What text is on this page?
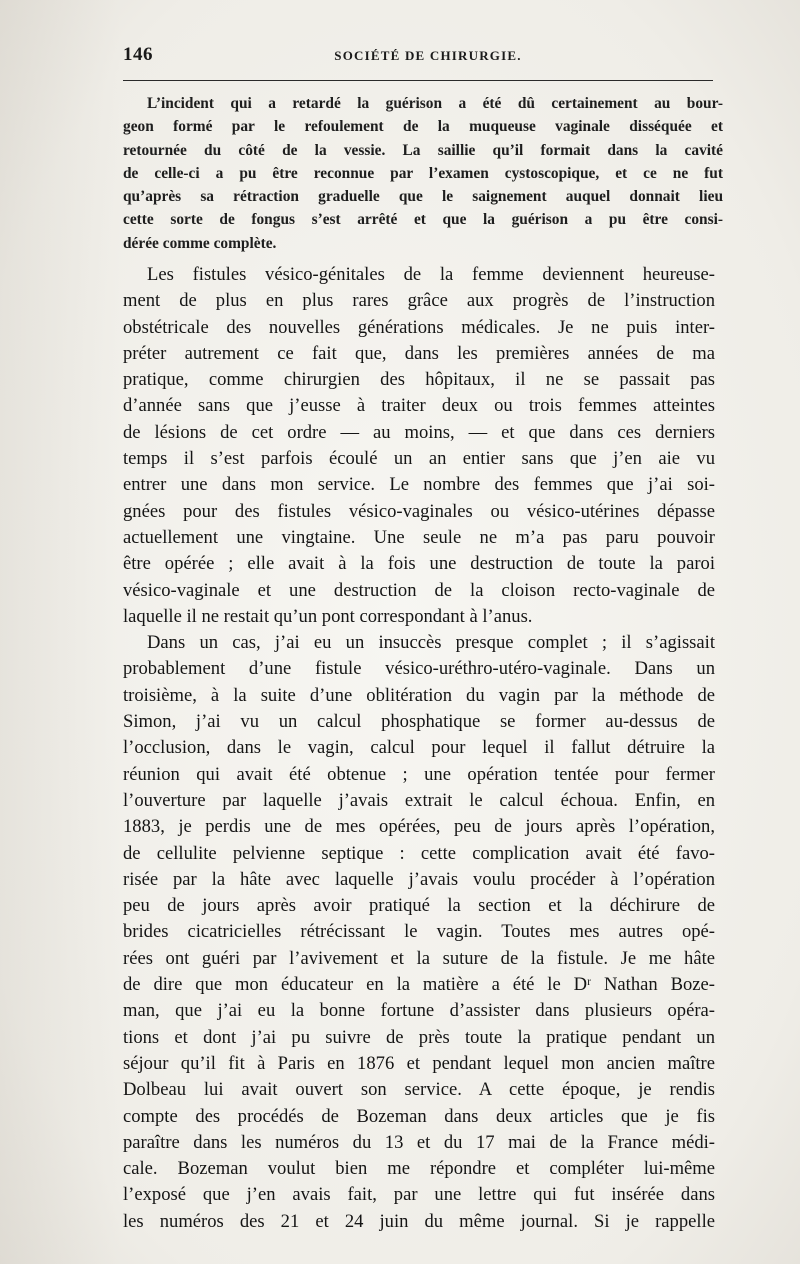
146	SOCIÉTÉ DE CHIRURGIE.
L’incident qui a retardé la guérison a été dû certainement au bour-
geon formé par le refoulement de la muqueuse vaginale disséquée et
retournée du côté de la vessie. La saillie qu’il formait dans la cavité
de celle-ci a pu être reconnue par l’examen cystoscopique, et ce ne fut
qu’après sa rétraction graduelle que le saignement auquel donnait lieu
cette sorte de fongus s’est arrêté et que la guérison a pu être consi-
dérée comme complète.
Les fistules vésico-génitales de la femme deviennent heureuse-
ment de plus en plus rares grâce aux progrès de l’instruction
obstétricale des nouvelles générations médicales. Je ne puis inter-
préter autrement ce fait que, dans les premières années de ma
pratique, comme chirurgien des hôpitaux, il ne se passait pas
d’année sans que j’eusse à traiter deux ou trois femmes atteintes
de lésions de cet ordre — au moins, — et que dans ces derniers
temps il s’est parfois écoulé un an entier sans que j’en aie vu
entrer une dans mon service. Le nombre des femmes que j’ai soi-
gnées pour des fistules vésico-vaginales ou vésico-utérines dépasse
actuellement une vingtaine. Une seule ne m’a pas paru pouvoir
être opérée ; elle avait à la fois une destruction de toute la paroi
vésico-vaginale et une destruction de la cloison recto-vaginale de
laquelle il ne restait qu’un pont correspondant à l’anus.
Dans un cas, j’ai eu un insuccès presque complet ; il s’agissait
probablement d’une fistule vésico-uréthro-utéro-vaginale. Dans un
troisième, à la suite d’une oblitération du vagin par la méthode de
Simon, j’ai vu un calcul phosphatique se former au-dessus de
l’occlusion, dans le vagin, calcul pour lequel il fallut détruire la
réunion qui avait été obtenue ; une opération tentée pour fermer
l’ouverture par laquelle j’avais extrait le calcul échoua. Enfin, en
1883, je perdis une de mes opérées, peu de jours après l’opération,
de cellulite pelvienne septique : cette complication avait été favo-
risée par la hâte avec laquelle j’avais voulu procéder à l’opération
peu de jours après avoir pratiqué la section et la déchirure de
brides cicatricielles rétrécissant le vagin. Toutes mes autres opé-
rées ont guéri par l’avivement et la suture de la fistule. Je me hâte
de dire que mon éducateur en la matière a été le Dʳ Nathan Boze-
man, que j’ai eu la bonne fortune d’assister dans plusieurs opéra-
tions et dont j’ai pu suivre de près toute la pratique pendant un
séjour qu’il fit à Paris en 1876 et pendant lequel mon ancien maître
Dolbeau lui avait ouvert son service. A cette époque, je rendis
compte des procédés de Bozeman dans deux articles que je fis
paraître dans les numéros du 13 et du 17 mai de la France médi-
cale. Bozeman voulut bien me répondre et compléter lui-même
l’exposé que j’en avais fait, par une lettre qui fut insérée dans
les numéros des 21 et 24 juin du même journal. Si je rappelle
